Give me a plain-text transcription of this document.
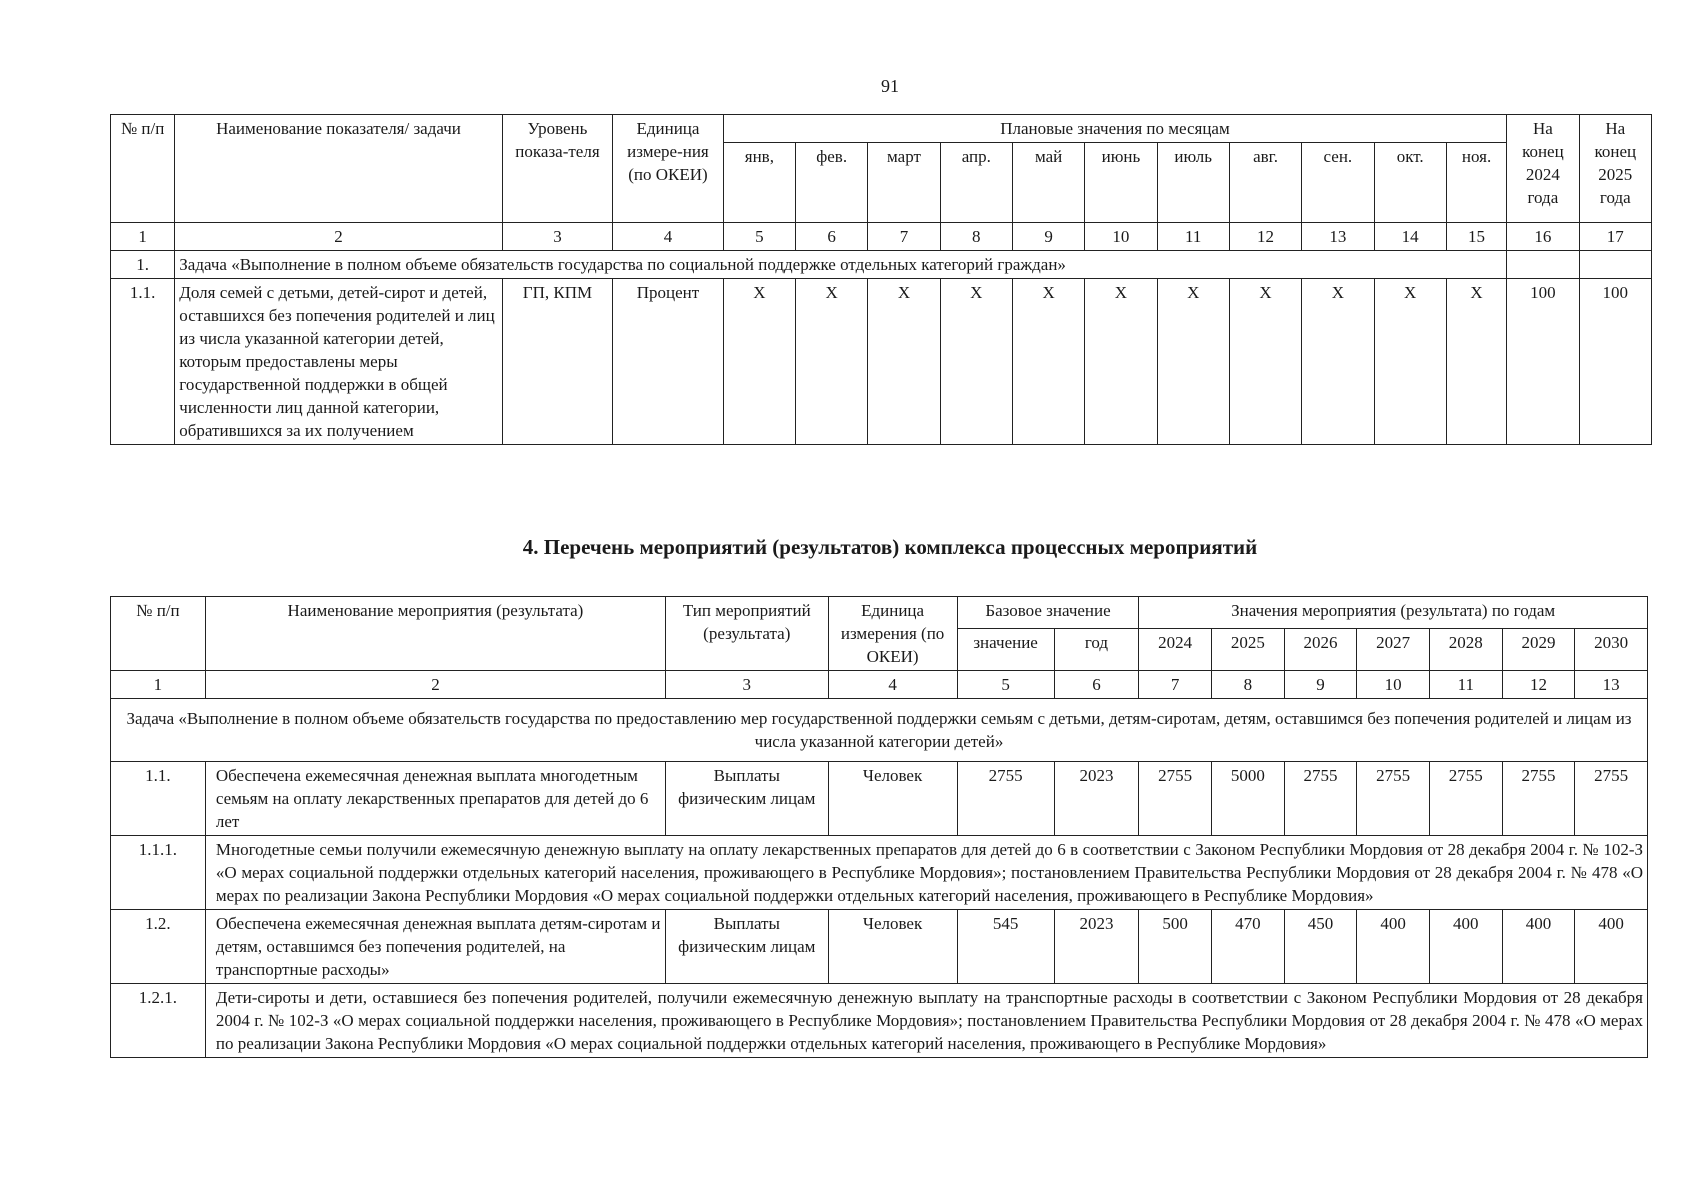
91
№ п/п	Наименование показателя/ задачи	Уровень показа-теля	Единица измере-ния (по ОКЕИ)	Плановые значения по месяцам											На конец 2024 года	На конец 2025 года
				янв,	фев.	март	апр.	май	июнь	июль	авг.	сен.	окт.	ноя.		
1	2	3	4	5	6	7	8	9	10	11	12	13	14	15	16	17
1.	Задача «Выполнение в полном объеме обязательств государства по социальной поддержке отдельных категорий граждан»															
1.1.	Доля семей с детьми, детей-сирот и детей, оставшихся без попечения родителей и лиц из числа указанной категории детей, которым предоставлены меры государственной поддержки в общей численности лиц данной категории, обратившихся за их получением	ГП, КПМ	Процент	Х	Х	Х	Х	Х	Х	Х	Х	Х	Х	Х	100	100
4. Перечень мероприятий (результатов) комплекса процессных мероприятий
№ п/п	Наименование мероприятия (результата)	Тип мероприятий (результата)	Единица измерения (по ОКЕИ)	Базовое значение		Значения мероприятия (результата) по годам						
				значение	год	2024	2025	2026	2027	2028	2029	2030
1	2	3	4	5	6	7	8	9	10	11	12	13
Задача «Выполнение в полном объеме обязательств государства по предоставлению мер государственной поддержки семьям с детьми, детям-сиротам, детям, оставшимся без попечения родителей и лицам из числа указанной категории детей»												
1.1.	Обеспечена ежемесячная денежная выплата многодетным семьям на оплату лекарственных препаратов для детей до 6 лет	Выплаты физическим лицам	Человек	2755	2023	2755	5000	2755	2755	2755	2755	2755
1.1.1.	Многодетные семьи получили ежемесячную денежную выплату на оплату лекарственных препаратов для детей до 6 в соответствии с Законом Республики Мордовия от 28 декабря 2004 г. № 102-З «О мерах социальной поддержки отдельных категорий населения, проживающего в Республике Мордовия»; постановлением Правительства Республики Мордовия от 28 декабря 2004 г. № 478 «О мерах по реализации Закона Республики Мордовия «О мерах социальной поддержки отдельных категорий населения, проживающего в Республике Мордовия»											
1.2.	Обеспечена ежемесячная денежная выплата детям-сиротам и детям, оставшимся без попечения родителей, на транспортные расходы»	Выплаты физическим лицам	Человек	545	2023	500	470	450	400	400	400	400
1.2.1.	Дети-сироты и дети, оставшиеся без попечения родителей, получили ежемесячную денежную выплату на транспортные расходы в соответствии с Законом Республики Мордовия от 28 декабря 2004 г. № 102-З «О мерах социальной поддержки населения, проживающего в Республике Мордовия»; постановлением Правительства Республики Мордовия от 28 декабря 2004 г. № 478 «О мерах по реализации Закона Республики Мордовия «О мерах социальной поддержки отдельных категорий населения, проживающего в Республике Мордовия»											
